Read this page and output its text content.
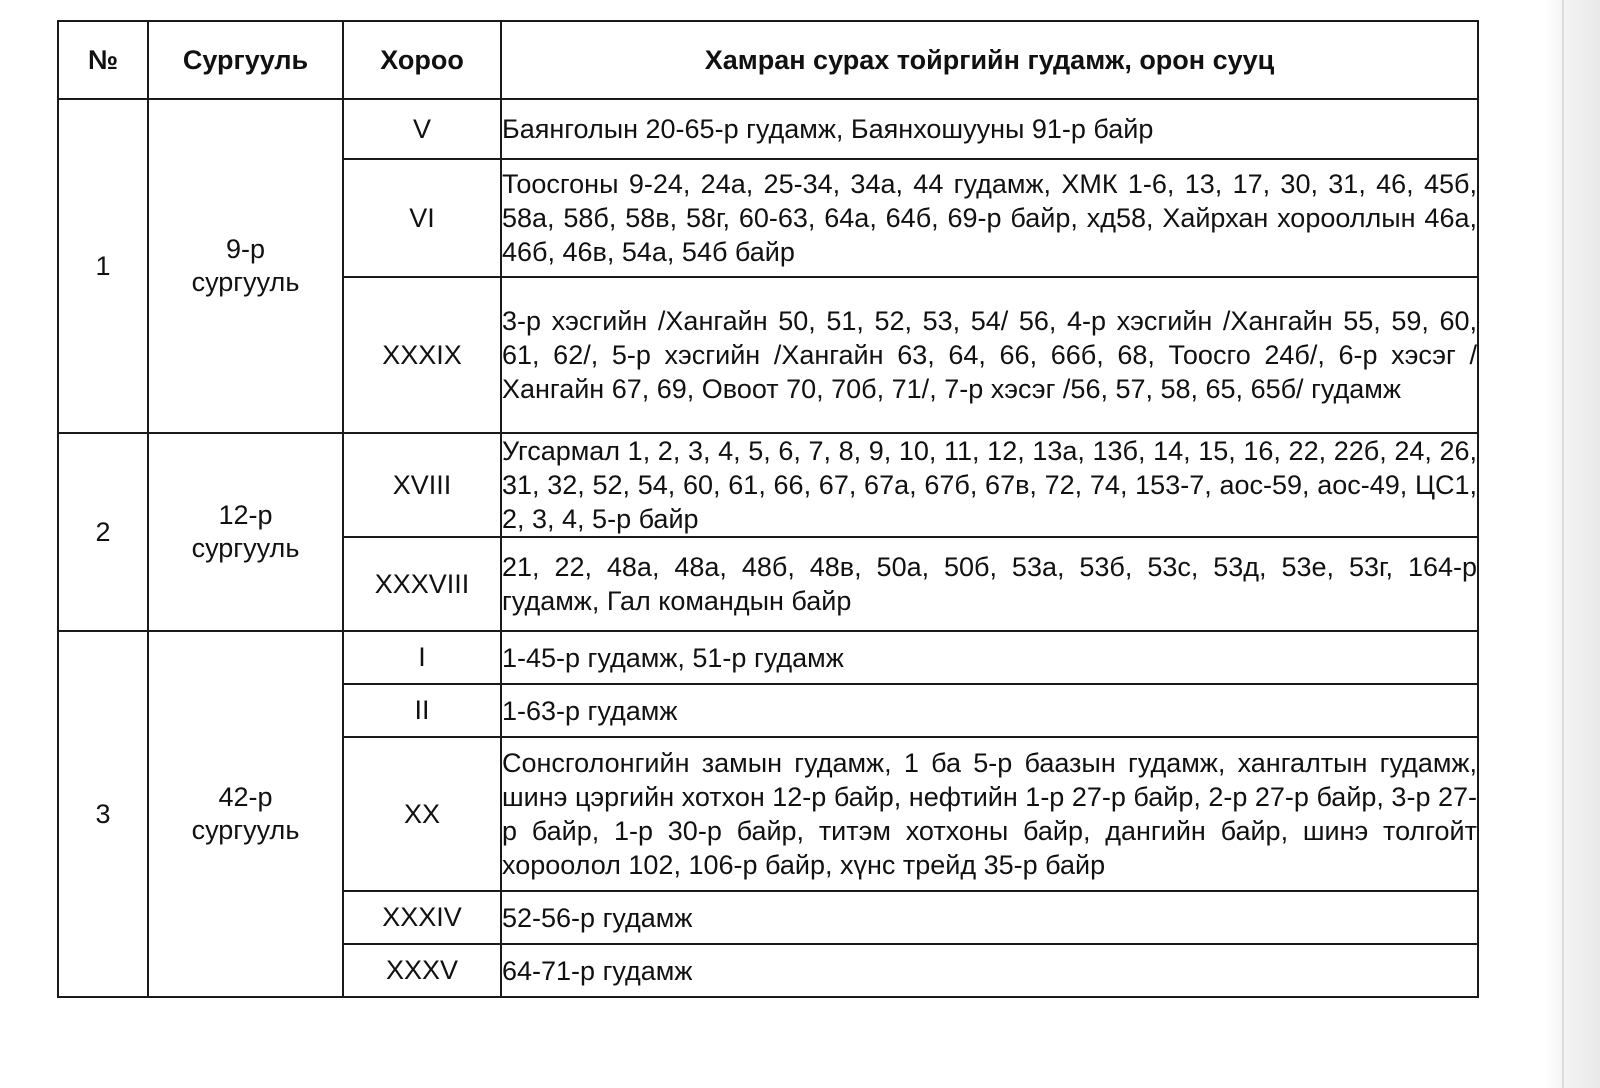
№	Сургууль	Хороо	Хамран сурах тойргийн гудамж, орон сууц
1	9-р
сургууль	V	Баянголын 20-65-р гудамж, Баянхошууны 91-р байр
		VI	Тоосгоны 9-24, 24а, 25-34, 34а, 44 гудамж, ХМК 1-6, 13, 17, 30, 31, 46, 45б, 58а, 58б, 58в, 58г, 60-63, 64а, 64б, 69-р байр, хд58, Хайрхан хорооллын 46а, 46б, 46в, 54а, 54б байр
		XXXIX	3-р хэсгийн /Хангайн 50, 51, 52, 53, 54/ 56, 4-р хэсгийн /Хангайн 55, 59, 60, 61, 62/, 5-р хэсгийн /Хангайн 63, 64, 66, 66б, 68, Тоосго 24б/, 6-р хэсэг /Хангайн 67, 69, Овоот 70, 70б, 71/, 7-р хэсэг /56, 57, 58, 65, 65б/ гудамж
2	12-р
сургууль	XVIII	Угсармал 1, 2, 3, 4, 5, 6, 7, 8, 9, 10, 11, 12, 13а, 13б, 14, 15, 16, 22, 22б, 24, 26, 31, 32, 52, 54, 60, 61, 66, 67, 67а, 67б, 67в, 72, 74, 153-7, аос-59, аос-49, ЦС1, 2, 3, 4, 5-р байр
		XXXVIII	21, 22, 48а, 48а, 48б, 48в, 50а, 50б, 53а, 53б, 53с, 53д, 53е, 53г, 164-р гудамж, Гал командын байр
3	42-р
сургууль	I	1-45-р гудамж, 51-р гудамж
		II	1-63-р гудамж
		XX	Сонсголонгийн замын гудамж, 1 ба 5-р баазын гудамж, хангалтын гудамж, шинэ цэргийн хотхон 12-р байр, нефтийн 1-р 27-р байр, 2-р 27-р байр, 3-р 27-р байр, 1-р 30-р байр, титэм хотхоны байр, дангийн байр, шинэ толгойт хороолол 102, 106-р байр, хүнс трейд 35-р байр
		XXXIV	52-56-р гудамж
		XXXV	64-71-р гудамж
